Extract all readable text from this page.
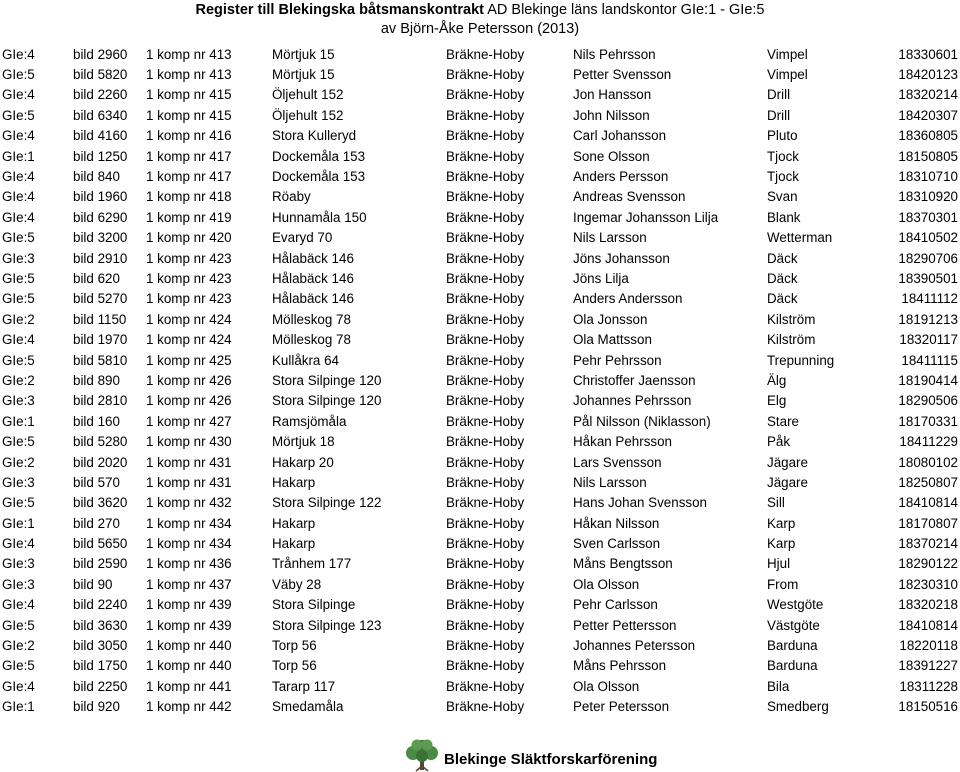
Register till Blekingska båtsmanskontrakt AD Blekinge läns landskontor GIe:1 - GIe:5
av Björn-Åke Petersson (2013)
GIe:4	bild 2960	1 komp nr 413	Mörtjuk 15	Bräkne-Hoby	Nils Pehrsson	Vimpel	18330601
GIe:5	bild 5820	1 komp nr 413	Mörtjuk 15	Bräkne-Hoby	Petter Svensson	Vimpel	18420123
GIe:4	bild 2260	1 komp nr 415	Öljehult 152	Bräkne-Hoby	Jon Hansson	Drill	18320214
GIe:5	bild 6340	1 komp nr 415	Öljehult 152	Bräkne-Hoby	John Nilsson	Drill	18420307
GIe:4	bild 4160	1 komp nr 416	Stora Kulleryd	Bräkne-Hoby	Carl Johansson	Pluto	18360805
GIe:1	bild 1250	1 komp nr 417	Dockemåla 153	Bräkne-Hoby	Sone Olsson	Tjock	18150805
GIe:4	bild 840	1 komp nr 417	Dockemåla 153	Bräkne-Hoby	Anders Persson	Tjock	18310710
GIe:4	bild 1960	1 komp nr 418	Röaby	Bräkne-Hoby	Andreas Svensson	Svan	18310920
GIe:4	bild 6290	1 komp nr 419	Hunnamåla 150	Bräkne-Hoby	Ingemar Johansson Lilja	Blank	18370301
GIe:5	bild 3200	1 komp nr 420	Evaryd 70	Bräkne-Hoby	Nils Larsson	Wetterman	18410502
GIe:3	bild 2910	1 komp nr 423	Hålabäck 146	Bräkne-Hoby	Jöns Johansson	Däck	18290706
GIe:5	bild 620	1 komp nr 423	Hålabäck 146	Bräkne-Hoby	Jöns Lilja	Däck	18390501
GIe:5	bild 5270	1 komp nr 423	Hålabäck 146	Bräkne-Hoby	Anders Andersson	Däck	18411112
GIe:2	bild 1150	1 komp nr 424	Mölleskog 78	Bräkne-Hoby	Ola Jonsson	Kilström	18191213
GIe:4	bild 1970	1 komp nr 424	Mölleskog 78	Bräkne-Hoby	Ola Mattsson	Kilström	18320117
GIe:5	bild 5810	1 komp nr 425	Kullåkra 64	Bräkne-Hoby	Pehr Pehrsson	Trepunning	18411115
GIe:2	bild 890	1 komp nr 426	Stora Silpinge 120	Bräkne-Hoby	Christoffer Jaensson	Älg	18190414
GIe:3	bild 2810	1 komp nr 426	Stora Silpinge 120	Bräkne-Hoby	Johannes Pehrsson	Elg	18290506
GIe:1	bild 160	1 komp nr 427	Ramsjömåla	Bräkne-Hoby	Pål Nilsson (Niklasson)	Stare	18170331
GIe:5	bild 5280	1 komp nr 430	Mörtjuk 18	Bräkne-Hoby	Håkan Pehrsson	Påk	18411229
GIe:2	bild 2020	1 komp nr 431	Hakarp 20	Bräkne-Hoby	Lars Svensson	Jägare	18080102
GIe:3	bild 570	1 komp nr 431	Hakarp	Bräkne-Hoby	Nils Larsson	Jägare	18250807
GIe:5	bild 3620	1 komp nr 432	Stora Silpinge 122	Bräkne-Hoby	Hans Johan Svensson	Sill	18410814
GIe:1	bild 270	1 komp nr 434	Hakarp	Bräkne-Hoby	Håkan Nilsson	Karp	18170807
GIe:4	bild 5650	1 komp nr 434	Hakarp	Bräkne-Hoby	Sven Carlsson	Karp	18370214
GIe:3	bild 2590	1 komp nr 436	Trånhem 177	Bräkne-Hoby	Måns Bengtsson	Hjul	18290122
GIe:3	bild 90	1 komp nr 437	Väby 28	Bräkne-Hoby	Ola Olsson	From	18230310
GIe:4	bild 2240	1 komp nr 439	Stora Silpinge	Bräkne-Hoby	Pehr Carlsson	Westgöte	18320218
GIe:5	bild 3630	1 komp nr 439	Stora Silpinge 123	Bräkne-Hoby	Petter Pettersson	Västgöte	18410814
GIe:2	bild 3050	1 komp nr 440	Torp 56	Bräkne-Hoby	Johannes Petersson	Barduna	18220118
GIe:5	bild 1750	1 komp nr 440	Torp 56	Bräkne-Hoby	Måns Pehrsson	Barduna	18391227
GIe:4	bild 2250	1 komp nr 441	Tararp 117	Bräkne-Hoby	Ola Olsson	Bila	18311228
GIe:1	bild 920	1 komp nr 442	Smedamåla	Bräkne-Hoby	Peter Petersson	Smedberg	18150516
Blekinge Släktforskarförening
